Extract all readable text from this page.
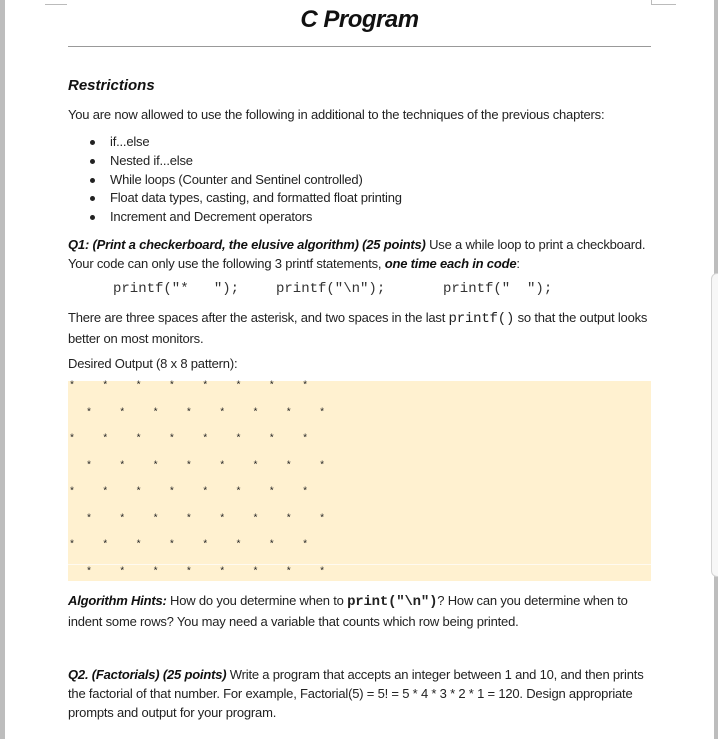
C Program
Restrictions
You are now allowed to use the following in additional to the techniques of the previous chapters:
if...else
Nested if...else
While loops (Counter and Sentinel controlled)
Float data types, casting, and formatted float printing
Increment and Decrement operators
Q1: (Print a checkerboard, the elusive algorithm) (25 points) Use a while loop to print a checkboard. Your code can only use the following 3 printf statements, one time each in code:
printf("*   ");	printf("\n");	printf("  ");
There are three spaces after the asterisk, and two spaces in the last printf() so that the output looks better on most monitors.
Desired Output (8 x 8 pattern):
*	*	*	*	*	*	*	*
*	*	*	*	*	*	*	*
*	*	*	*	*	*	*	*
*	*	*	*	*	*	*	*
*	*	*	*	*	*	*	*
*	*	*	*	*	*	*	*
*	*	*	*	*	*	*	*
*	*	*	*	*	*	*	*
Algorithm Hints: How do you determine when to print("\n")? How can you determine when to indent some rows? You may need a variable that counts which row being printed.
Q2. (Factorials) (25 points) Write a program that accepts an integer between 1 and 10, and then prints the factorial of that number. For example, Factorial(5) = 5! = 5 * 4 * 3 * 2 * 1 = 120. Design appropriate prompts and output for your program.
